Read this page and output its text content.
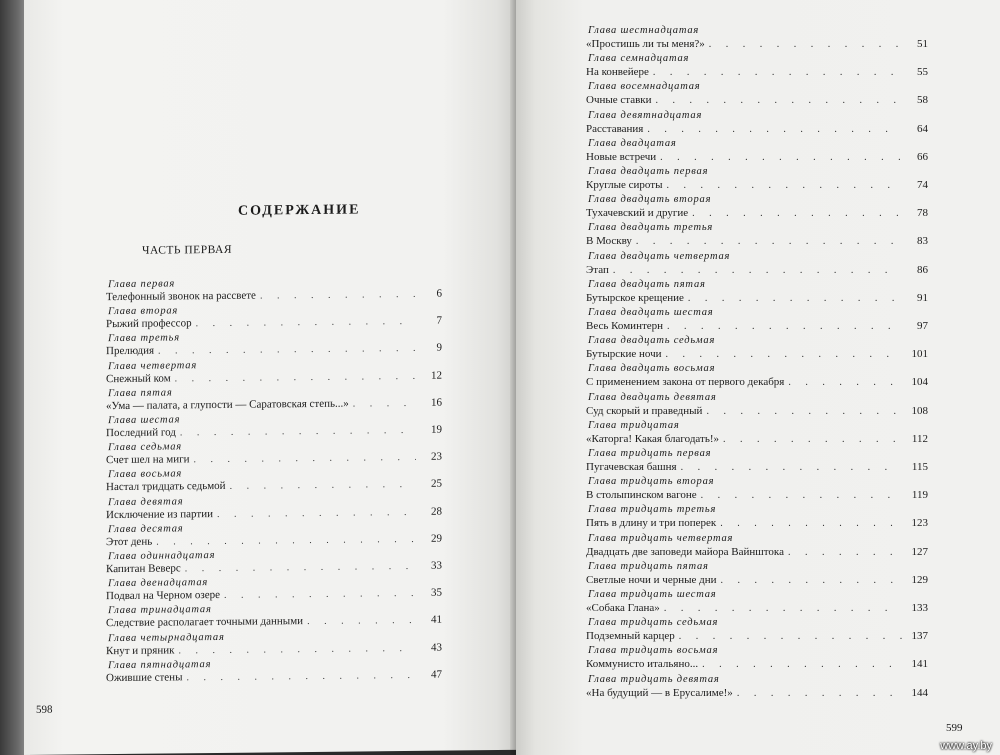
СОДЕРЖАНИЕ
ЧАСТЬ ПЕРВАЯ
Глава первая
Телефонный звонок на рассвете . . .	6
Глава вторая
Рыжий профессор . . .	7
Глава третья
Прелюдия . . .	9
Глава четвертая
Снежный ком . . .	12
Глава пятая
«Ума — палата, а глупости — Саратовская степь...» . . .	16
Глава шестая
Последний год . . .	19
Глава седьмая
Счет шел на миги . . .	23
Глава восьмая
Настал тридцать седьмой . . .	25
Глава девятая
Исключение из партии . . .	28
Глава десятая
Этот день . . .	29
Глава одиннадцатая
Капитан Веверс . . .	33
Глава двенадцатая
Подвал на Черном озере . . .	35
Глава тринадцатая
Следствие располагает точными данными . . .	41
Глава четырнадцатая
Кнут и пряник . . .	43
Глава пятнадцатая
Ожившие стены . . .	47
598
Глава шестнадцатая
«Простишь ли ты меня?» . . .	51
Глава семнадцатая
На конвейере . . .	55
Глава восемнадцатая
Очные ставки . . .	58
Глава девятнадцатая
Расставания . . .	64
Глава двадцатая
Новые встречи . . .	66
Глава двадцать первая
Круглые сироты . . .	74
Глава двадцать вторая
Тухачевский и другие . . .	78
Глава двадцать третья
В Москву . . .	83
Глава двадцать четвертая
Этап . . .	86
Глава двадцать пятая
Бутырское крещение . . .	91
Глава двадцать шестая
Весь Коминтерн . . .	97
Глава двадцать седьмая
Бутырские ночи . . .	101
Глава двадцать восьмая
С применением закона от первого декабря . . .	104
Глава двадцать девятая
Суд скорый и праведный . . .	108
Глава тридцатая
«Каторга! Какая благодать!» . . .	112
Глава тридцать первая
Пугачевская башня . . .	115
Глава тридцать вторая
В столыпинском вагоне . . .	119
Глава тридцать третья
Пять в длину и три поперек . . .	123
Глава тридцать четвертая
Двадцать две заповеди майора Вайнштока . . .	127
Глава тридцать пятая
Светлые ночи и черные дни . . .	129
Глава тридцать шестая
«Собака Глана» . . .	133
Глава тридцать седьмая
Подземный карцер . . .	137
Глава тридцать восьмая
Коммунисто итальяно... . . .	141
Глава тридцать девятая
«На будущий — в Ерусалиме!» . . .	144
599
www.ay.by
